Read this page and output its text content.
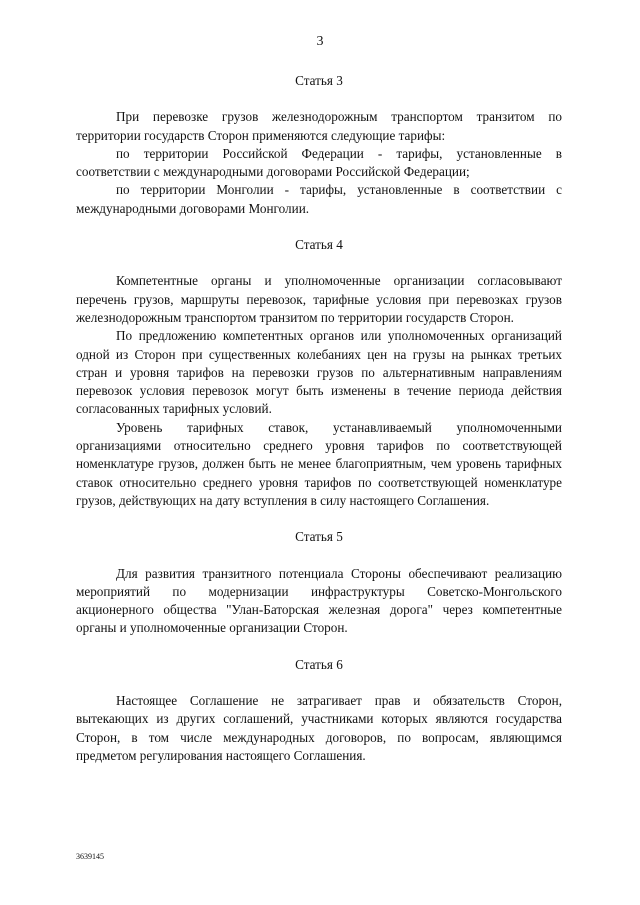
3

Статья 3

При перевозке грузов железнодорожным транспортом транзитом по территории государств Сторон применяются следующие тарифы:

по территории Российской Федерации - тарифы, установленные в соответствии с международными договорами Российской Федерации;

по территории Монголии - тарифы, установленные в соответствии с международными договорами Монголии.

Статья 4

Компетентные органы и уполномоченные организации согласовывают перечень грузов, маршруты перевозок, тарифные условия при перевозках грузов железнодорожным транспортом транзитом по территории государств Сторон.

По предложению компетентных органов или уполномоченных организаций одной из Сторон при существенных колебаниях цен на грузы на рынках третьих стран и уровня тарифов на перевозки грузов по альтернативным направлениям перевозок условия перевозок могут быть изменены в течение периода действия согласованных тарифных условий.

Уровень тарифных ставок, устанавливаемый уполномоченными организациями относительно среднего уровня тарифов по соответствующей номенклатуре грузов, должен быть не менее благоприятным, чем уровень тарифных ставок относительно среднего уровня тарифов по соответствующей номенклатуре грузов, действующих на дату вступления в силу настоящего Соглашения.

Статья 5

Для развития транзитного потенциала Стороны обеспечивают реализацию мероприятий по модернизации инфраструктуры Советско-Монгольского акционерного общества "Улан-Баторская железная дорога" через компетентные органы и уполномоченные организации Сторон.

Статья 6

Настоящее Соглашение не затрагивает прав и обязательств Сторон, вытекающих из других соглашений, участниками которых являются государства Сторон, в том числе международных договоров, по вопросам, являющимся предметом регулирования настоящего Соглашения.

3639145
